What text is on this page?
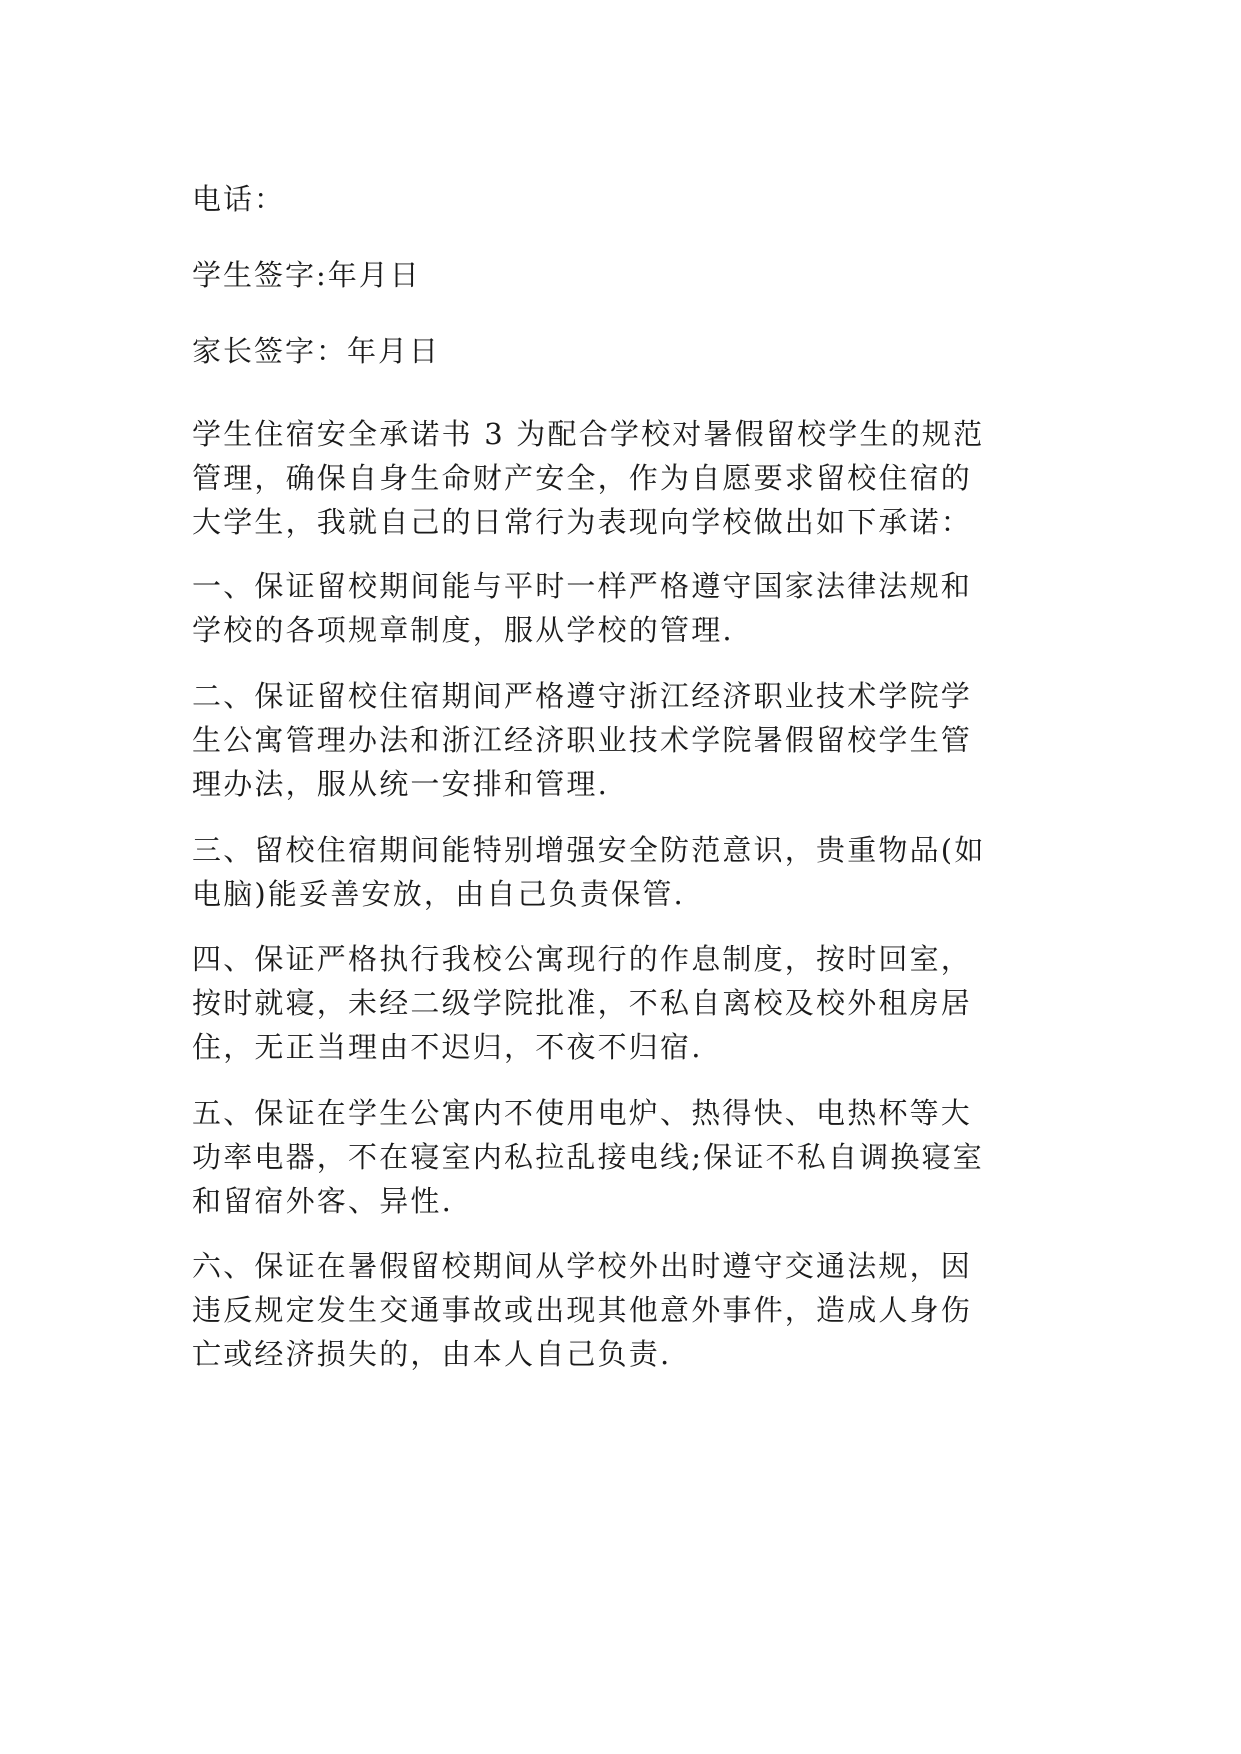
电话：
学生签字:年月日
家长签字：年月日
学生住宿安全承诺书 3 为配合学校对暑假留校学生的规范
管理，确保自身生命财产安全，作为自愿要求留校住宿的
大学生，我就自己的日常行为表现向学校做出如下承诺：
一、保证留校期间能与平时一样严格遵守国家法律法规和
学校的各项规章制度，服从学校的管理.
二、保证留校住宿期间严格遵守浙江经济职业技术学院学
生公寓管理办法和浙江经济职业技术学院暑假留校学生管
理办法，服从统一安排和管理.
三、留校住宿期间能特别增强安全防范意识，贵重物品(如
电脑)能妥善安放，由自己负责保管.
四、保证严格执行我校公寓现行的作息制度，按时回室，
按时就寝，未经二级学院批准，不私自离校及校外租房居
住，无正当理由不迟归，不夜不归宿.
五、保证在学生公寓内不使用电炉、热得快、电热杯等大
功率电器，不在寝室内私拉乱接电线;保证不私自调换寝室
和留宿外客、异性.
六、保证在暑假留校期间从学校外出时遵守交通法规，因
违反规定发生交通事故或出现其他意外事件，造成人身伤
亡或经济损失的，由本人自己负责.
